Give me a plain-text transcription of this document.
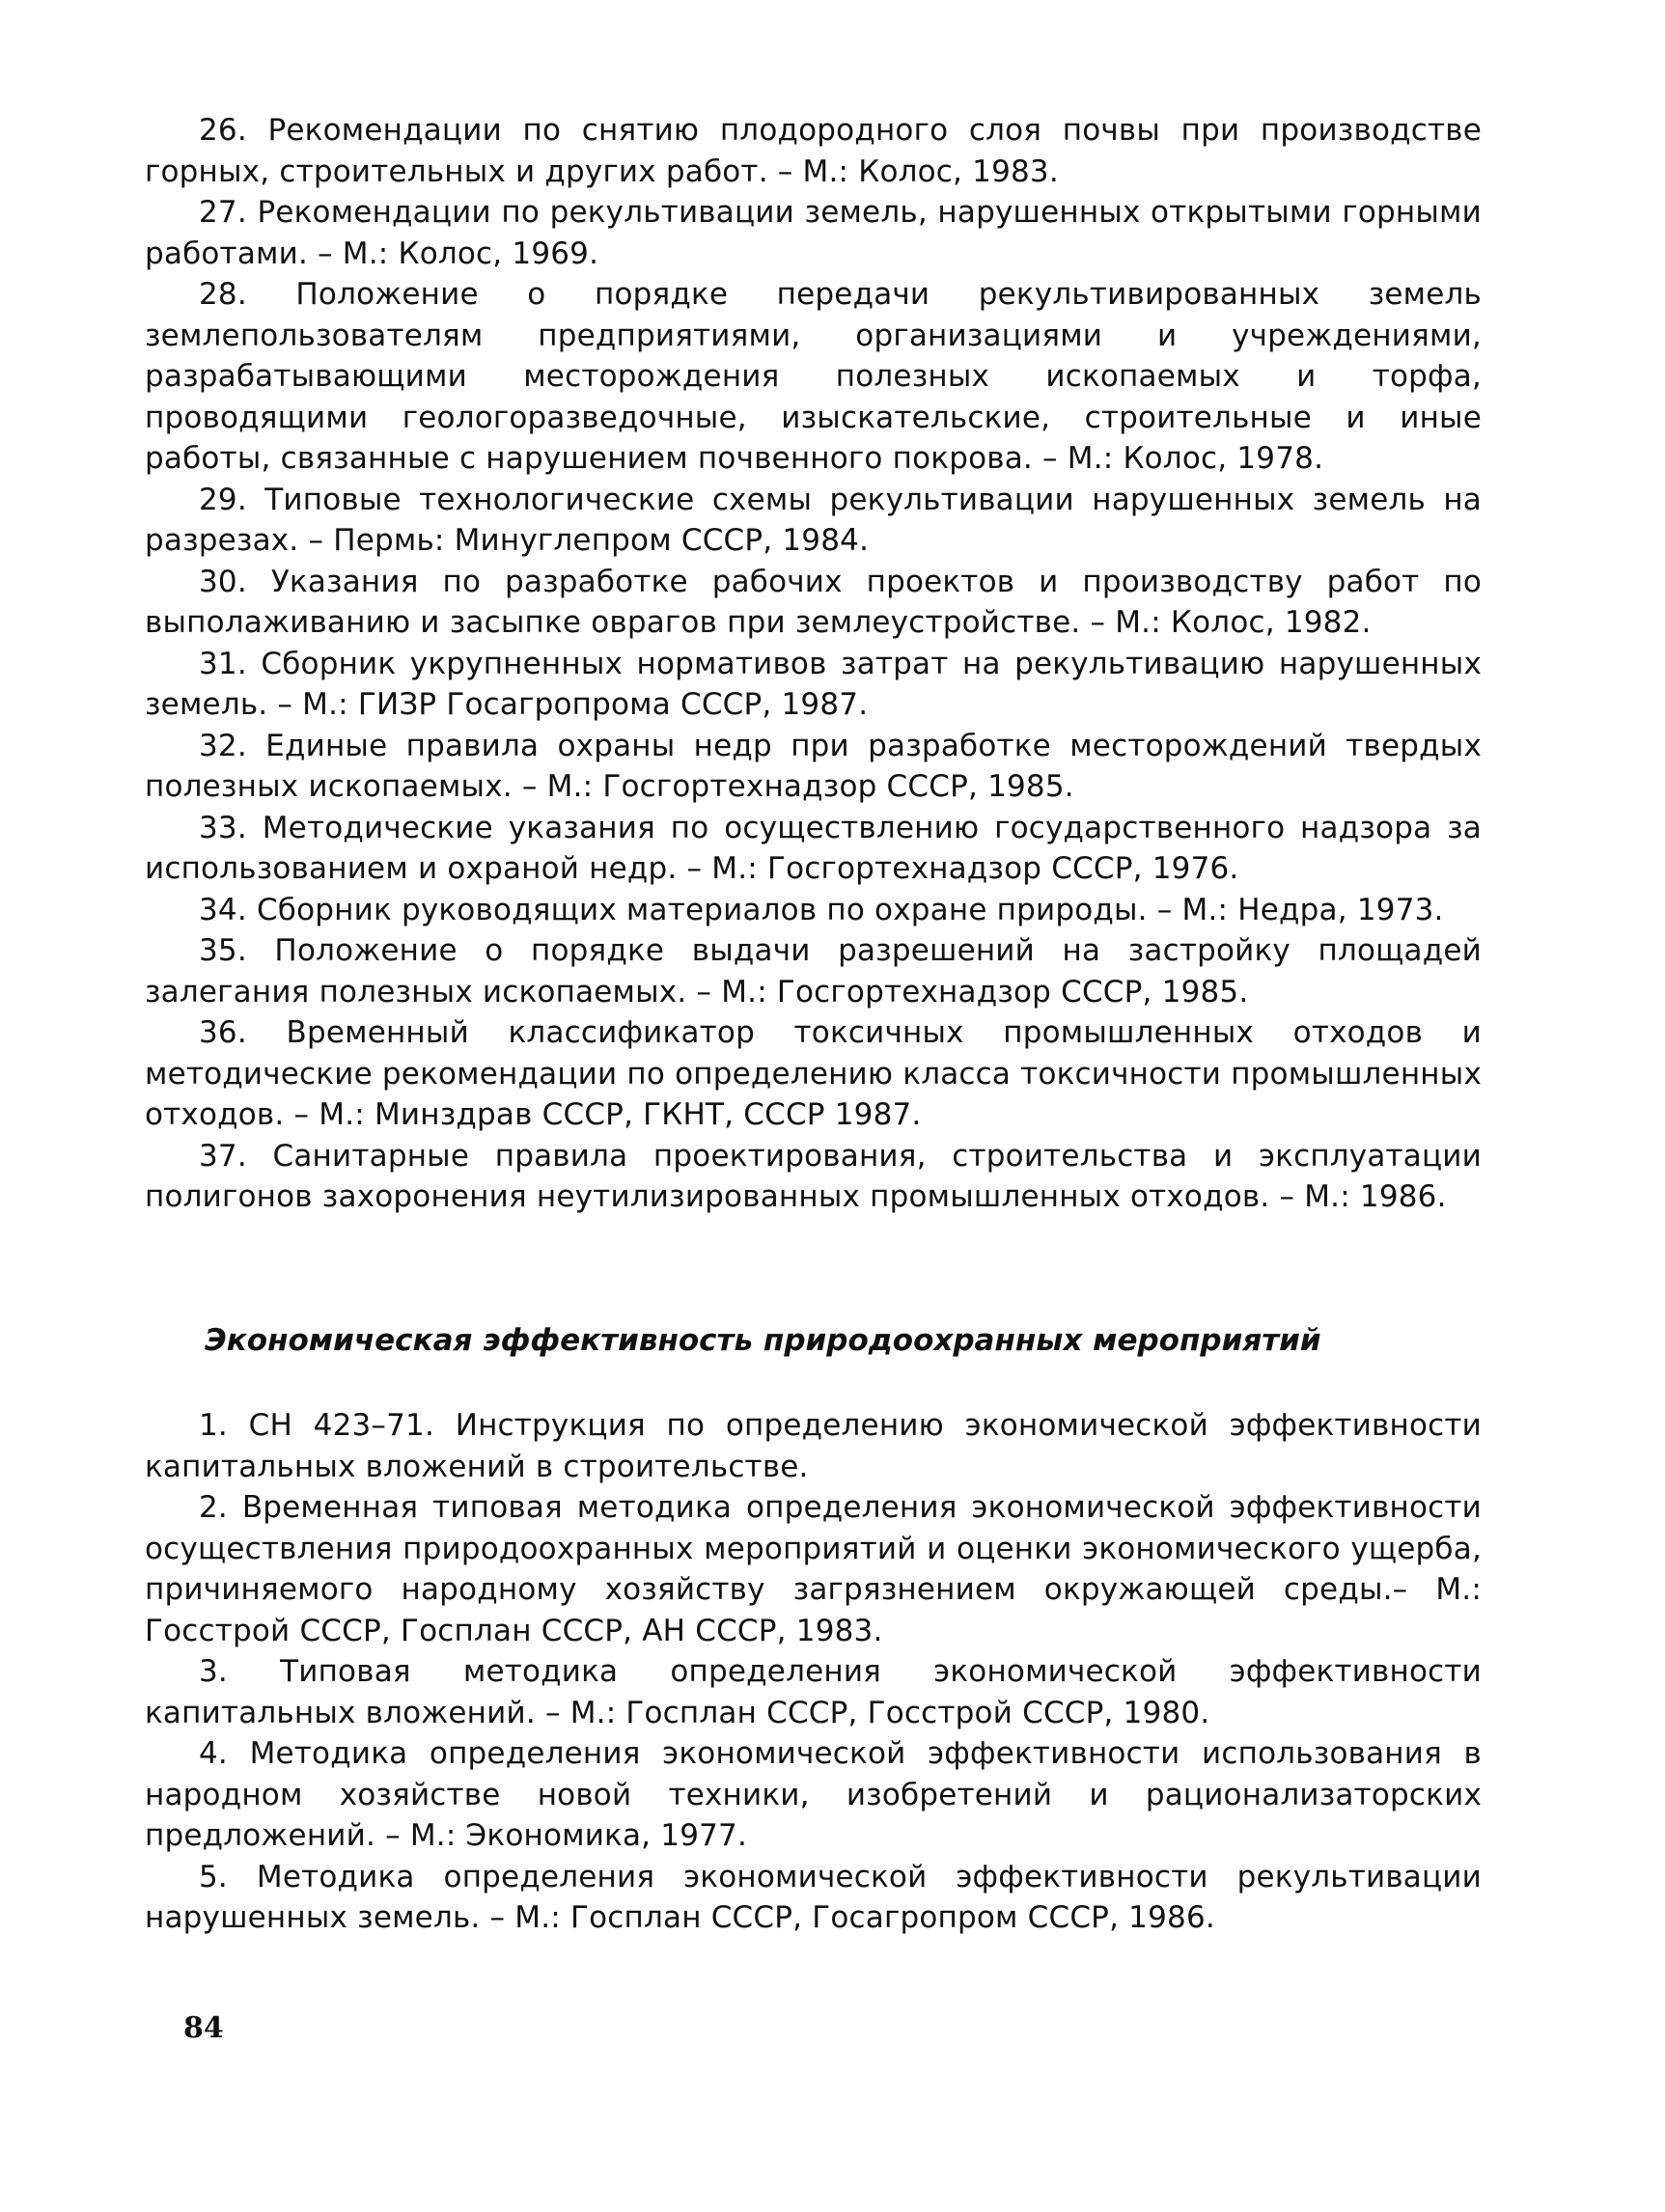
26. Рекомендации по снятию плодородного слоя почвы при производстве горных, строительных и других работ. – М.: Колос, 1983.

27. Рекомендации по рекультивации земель, нарушенных открытыми горными работами. – М.: Колос, 1969.

28. Положение о порядке передачи рекультивированных земель землепользователям предприятиями, организациями и учреждениями, разрабатывающими месторождения полезных ископаемых и торфа, проводящими геологоразведочные, изыскательские, строительные и иные работы, связанные с нарушением почвенного покрова. – М.: Колос, 1978.

29. Типовые технологические схемы рекультивации нарушенных земель на разрезах. – Пермь: Минуглепром СССР, 1984.

30. Указания по разработке рабочих проектов и производству работ по выполаживанию и засыпке оврагов при землеустройстве. – М.: Колос, 1982.

31. Сборник укрупненных нормативов затрат на рекультивацию нарушенных земель. – М.: ГИЗР Госагропрома СССР, 1987.

32. Единые правила охраны недр при разработке месторождений твердых полезных ископаемых. – М.: Госгортехнадзор СССР, 1985.

33. Методические указания по осуществлению государственного надзора за использованием и охраной недр. – М.: Госгортехнадзор СССР, 1976.

34. Сборник руководящих материалов по охране природы. – М.: Недра, 1973.

35. Положение о порядке выдачи разрешений на застройку площадей залегания полезных ископаемых. – М.: Госгортехнадзор СССР, 1985.

36. Временный классификатор токсичных промышленных отходов и методические рекомендации по определению класса токсичности промышленных отходов. – М.: Минздрав СССР, ГКНТ, СССР 1987.

37. Санитарные правила проектирования, строительства и эксплуатации полигонов захоронения неутилизированных промышленных отходов. – М.: 1986.

Экономическая эффективность природоохранных мероприятий

1. СН 423–71. Инструкция по определению экономической эффективности капитальных вложений в строительстве.

2. Временная типовая методика определения экономической эффективности осуществления природоохранных мероприятий и оценки экономического ущерба, причиняемого народному хозяйству загрязнением окружающей среды.– М.: Госстрой СССР, Госплан СССР, АН СССР, 1983.

3. Типовая методика определения экономической эффективности капитальных вложений. – М.: Госплан СССР, Госстрой СССР, 1980.

4. Методика определения экономической эффективности использования в народном хозяйстве новой техники, изобретений и рационализаторских предложений. – М.: Экономика, 1977.

5. Методика определения экономической эффективности рекультивации нарушенных земель. – М.: Госплан СССР, Госагропром СССР, 1986.

84
